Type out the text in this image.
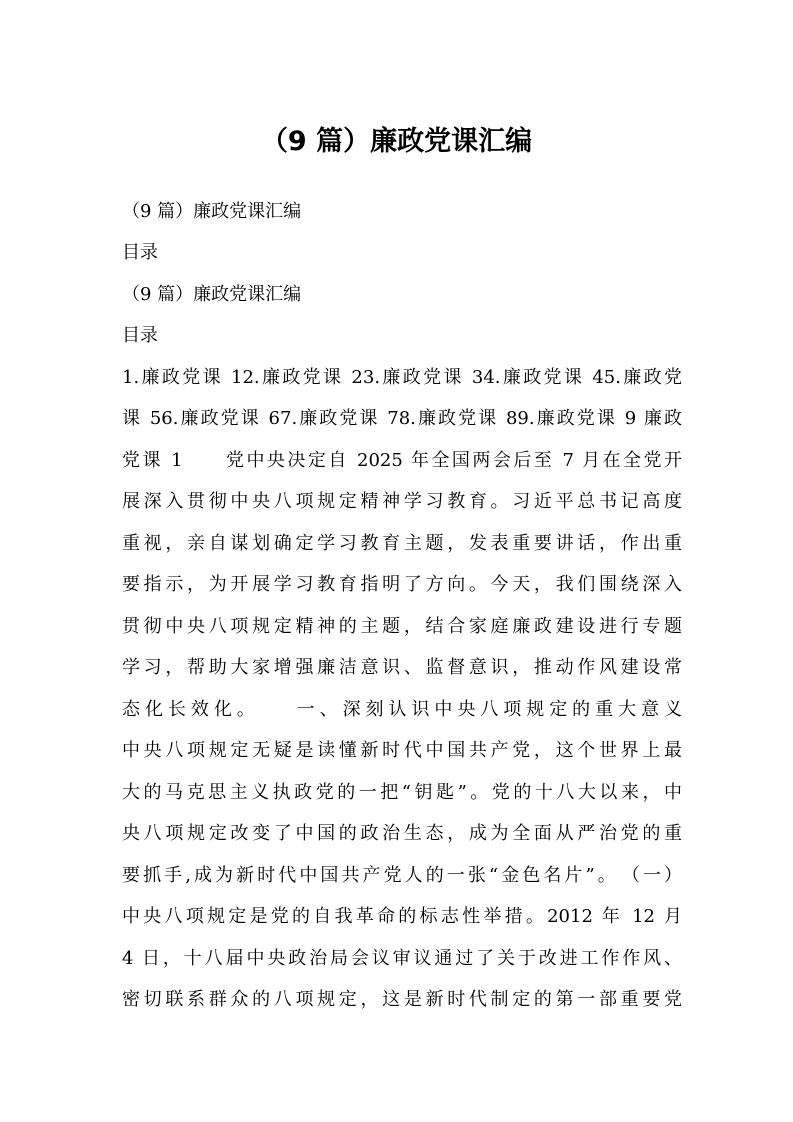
（9 篇）廉政党课汇编
（9 篇）廉政党课汇编
目录
（9 篇）廉政党课汇编
目录
1.廉政党课 12.廉政党课 23.廉政党课 34.廉政党课 45.廉政党
课 56.廉政党课 67.廉政党课 78.廉政党课 89.廉政党课 9 廉政
党课 1　　党中央决定自 2025 年全国两会后至 7 月在全党开
展深入贯彻中央八项规定精神学习教育。习近平总书记高度
重视，亲自谋划确定学习教育主题，发表重要讲话，作出重
要指示，为开展学习教育指明了方向。今天，我们围绕深入
贯彻中央八项规定精神的主题，结合家庭廉政建设进行专题
学习，帮助大家增强廉洁意识、监督意识，推动作风建设常
态化长效化。　　一、深刻认识中央八项规定的重大意义
中央八项规定无疑是读懂新时代中国共产党，这个世界上最
大的马克思主义执政党的一把“钥匙”。党的十八大以来，中
央八项规定改变了中国的政治生态，成为全面从严治党的重
要抓手,成为新时代中国共产党人的一张“金色名片”。　（一）
中央八项规定是党的自我革命的标志性举措。2012 年 12 月
4 日，十八届中央政治局会议审议通过了关于改进工作作风、
密切联系群众的八项规定，这是新时代制定的第一部重要党
